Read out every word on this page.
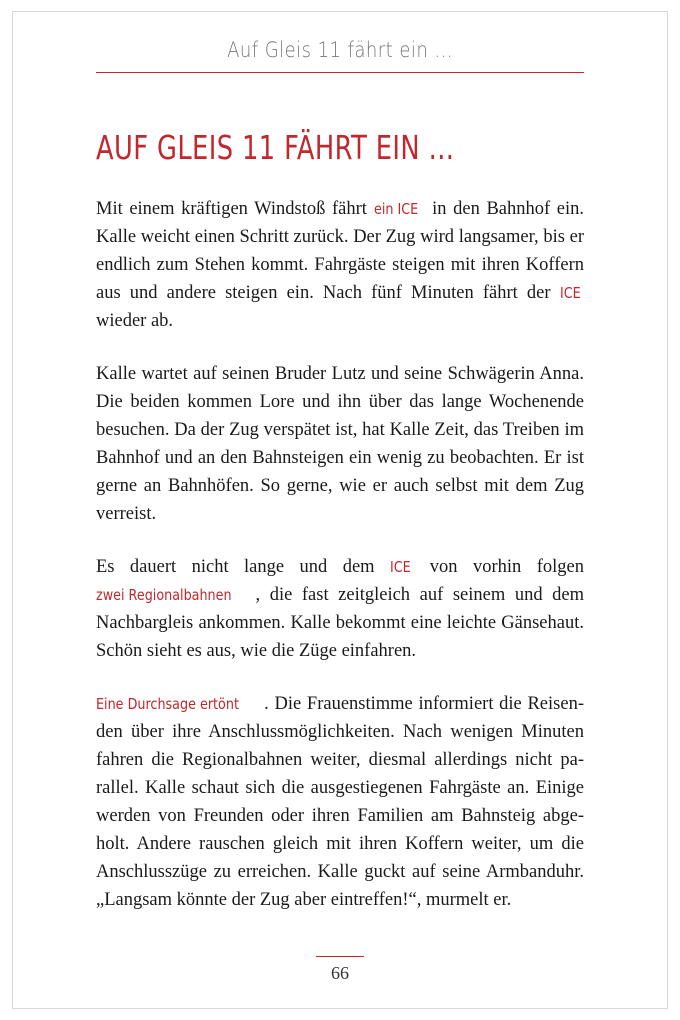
Auf Gleis 11 fährt ein ...
AUF GLEIS 11 FÄHRT EIN ...

Mit einem kräftigen Windstoß fährt ein ICE in den Bahnhof ein. Kalle weicht einen Schritt zurück. Der Zug wird langsamer, bis er endlich zum Stehen kommt. Fahrgäste steigen mit ihren Koffern aus und andere steigen ein. Nach fünf Minuten fährt der ICE wieder ab.

Kalle wartet auf seinen Bruder Lutz und seine Schwägerin Anna. Die beiden kommen Lore und ihn über das lange Wochenende besuchen. Da der Zug verspätet ist, hat Kalle Zeit, das Treiben im Bahnhof und an den Bahnsteigen ein wenig zu beobachten. Er ist gerne an Bahnhöfen. So gerne, wie er auch selbst mit dem Zug verreist.

Es dauert nicht lange und dem ICE von vorhin folgen zwei Regionalbahnen , die fast zeitgleich auf seinem und dem Nachbargleis ankommen. Kalle bekommt eine leichte Gänsehaut. Schön sieht es aus, wie die Züge einfahren.

Eine Durchsage ertönt . Die Frauenstimme informiert die Reisenden über ihre Anschlussmöglichkeiten. Nach wenigen Minuten fahren die Regionalbahnen weiter, diesmal allerdings nicht parallel. Kalle schaut sich die ausgestiegenen Fahrgäste an. Einige werden von Freunden oder ihren Familien am Bahnsteig abgeholt. Andere rauschen gleich mit ihren Koffern weiter, um die Anschlusszüge zu erreichen. Kalle guckt auf seine Armbanduhr. „Langsam könnte der Zug aber eintreffen!“, murmelt er.

66
